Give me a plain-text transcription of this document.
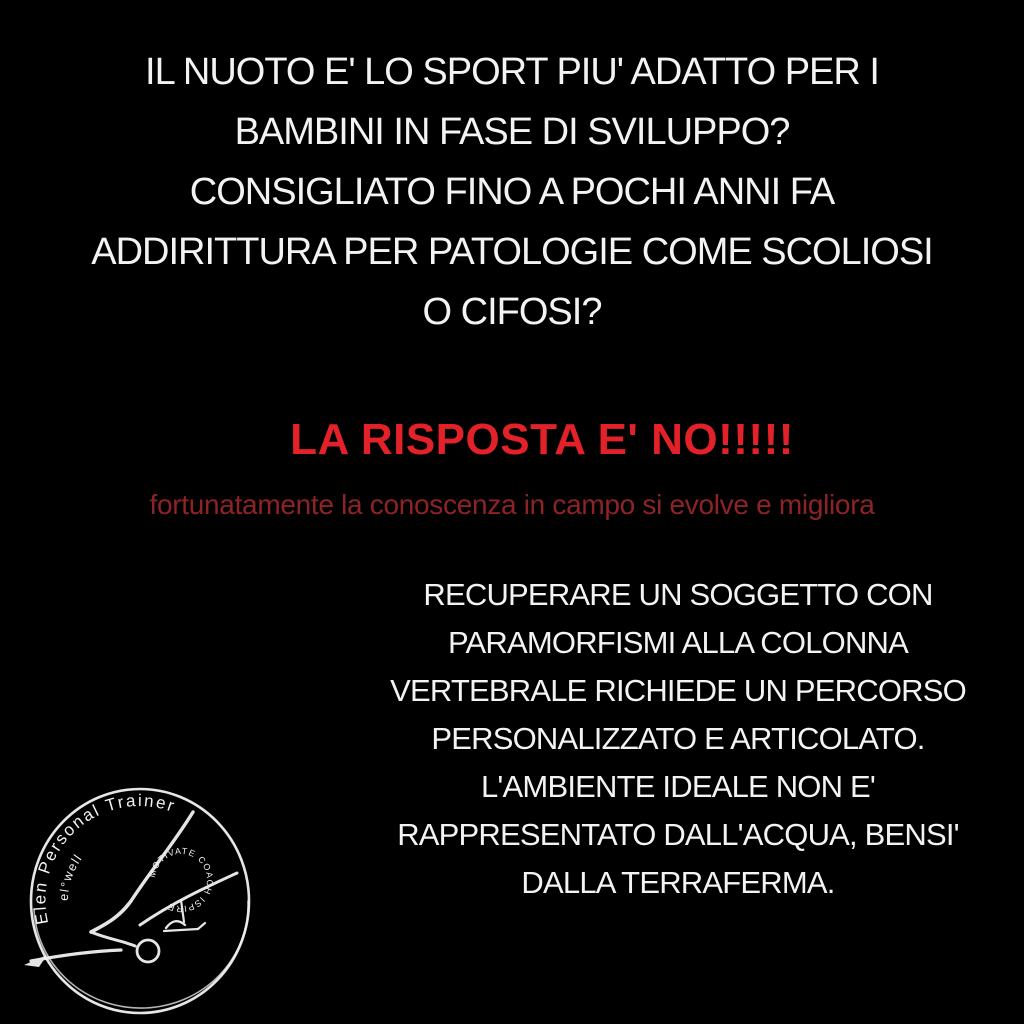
IL NUOTO E' LO SPORT PIU' ADATTO PER I
BAMBINI IN FASE DI SVILUPPO?
CONSIGLIATO FINO A POCHI ANNI FA
ADDIRITTURA PER PATOLOGIE COME SCOLIOSI
O CIFOSI?
LA RISPOSTA E' NO!!!!!
fortunatamente la conoscenza in campo si evolve e migliora
RECUPERARE UN SOGGETTO CON
PARAMORFISMI ALLA COLONNA
VERTEBRALE RICHIEDE UN PERCORSO
PERSONALIZZATO E ARTICOLATO.
L'AMBIENTE IDEALE NON E'
RAPPRESENTATO DALL'ACQUA, BENSI'
DALLA TERRAFERMA.
Elen Personal Trainer
el°well
MOTIVATE COACH ISPIRE
